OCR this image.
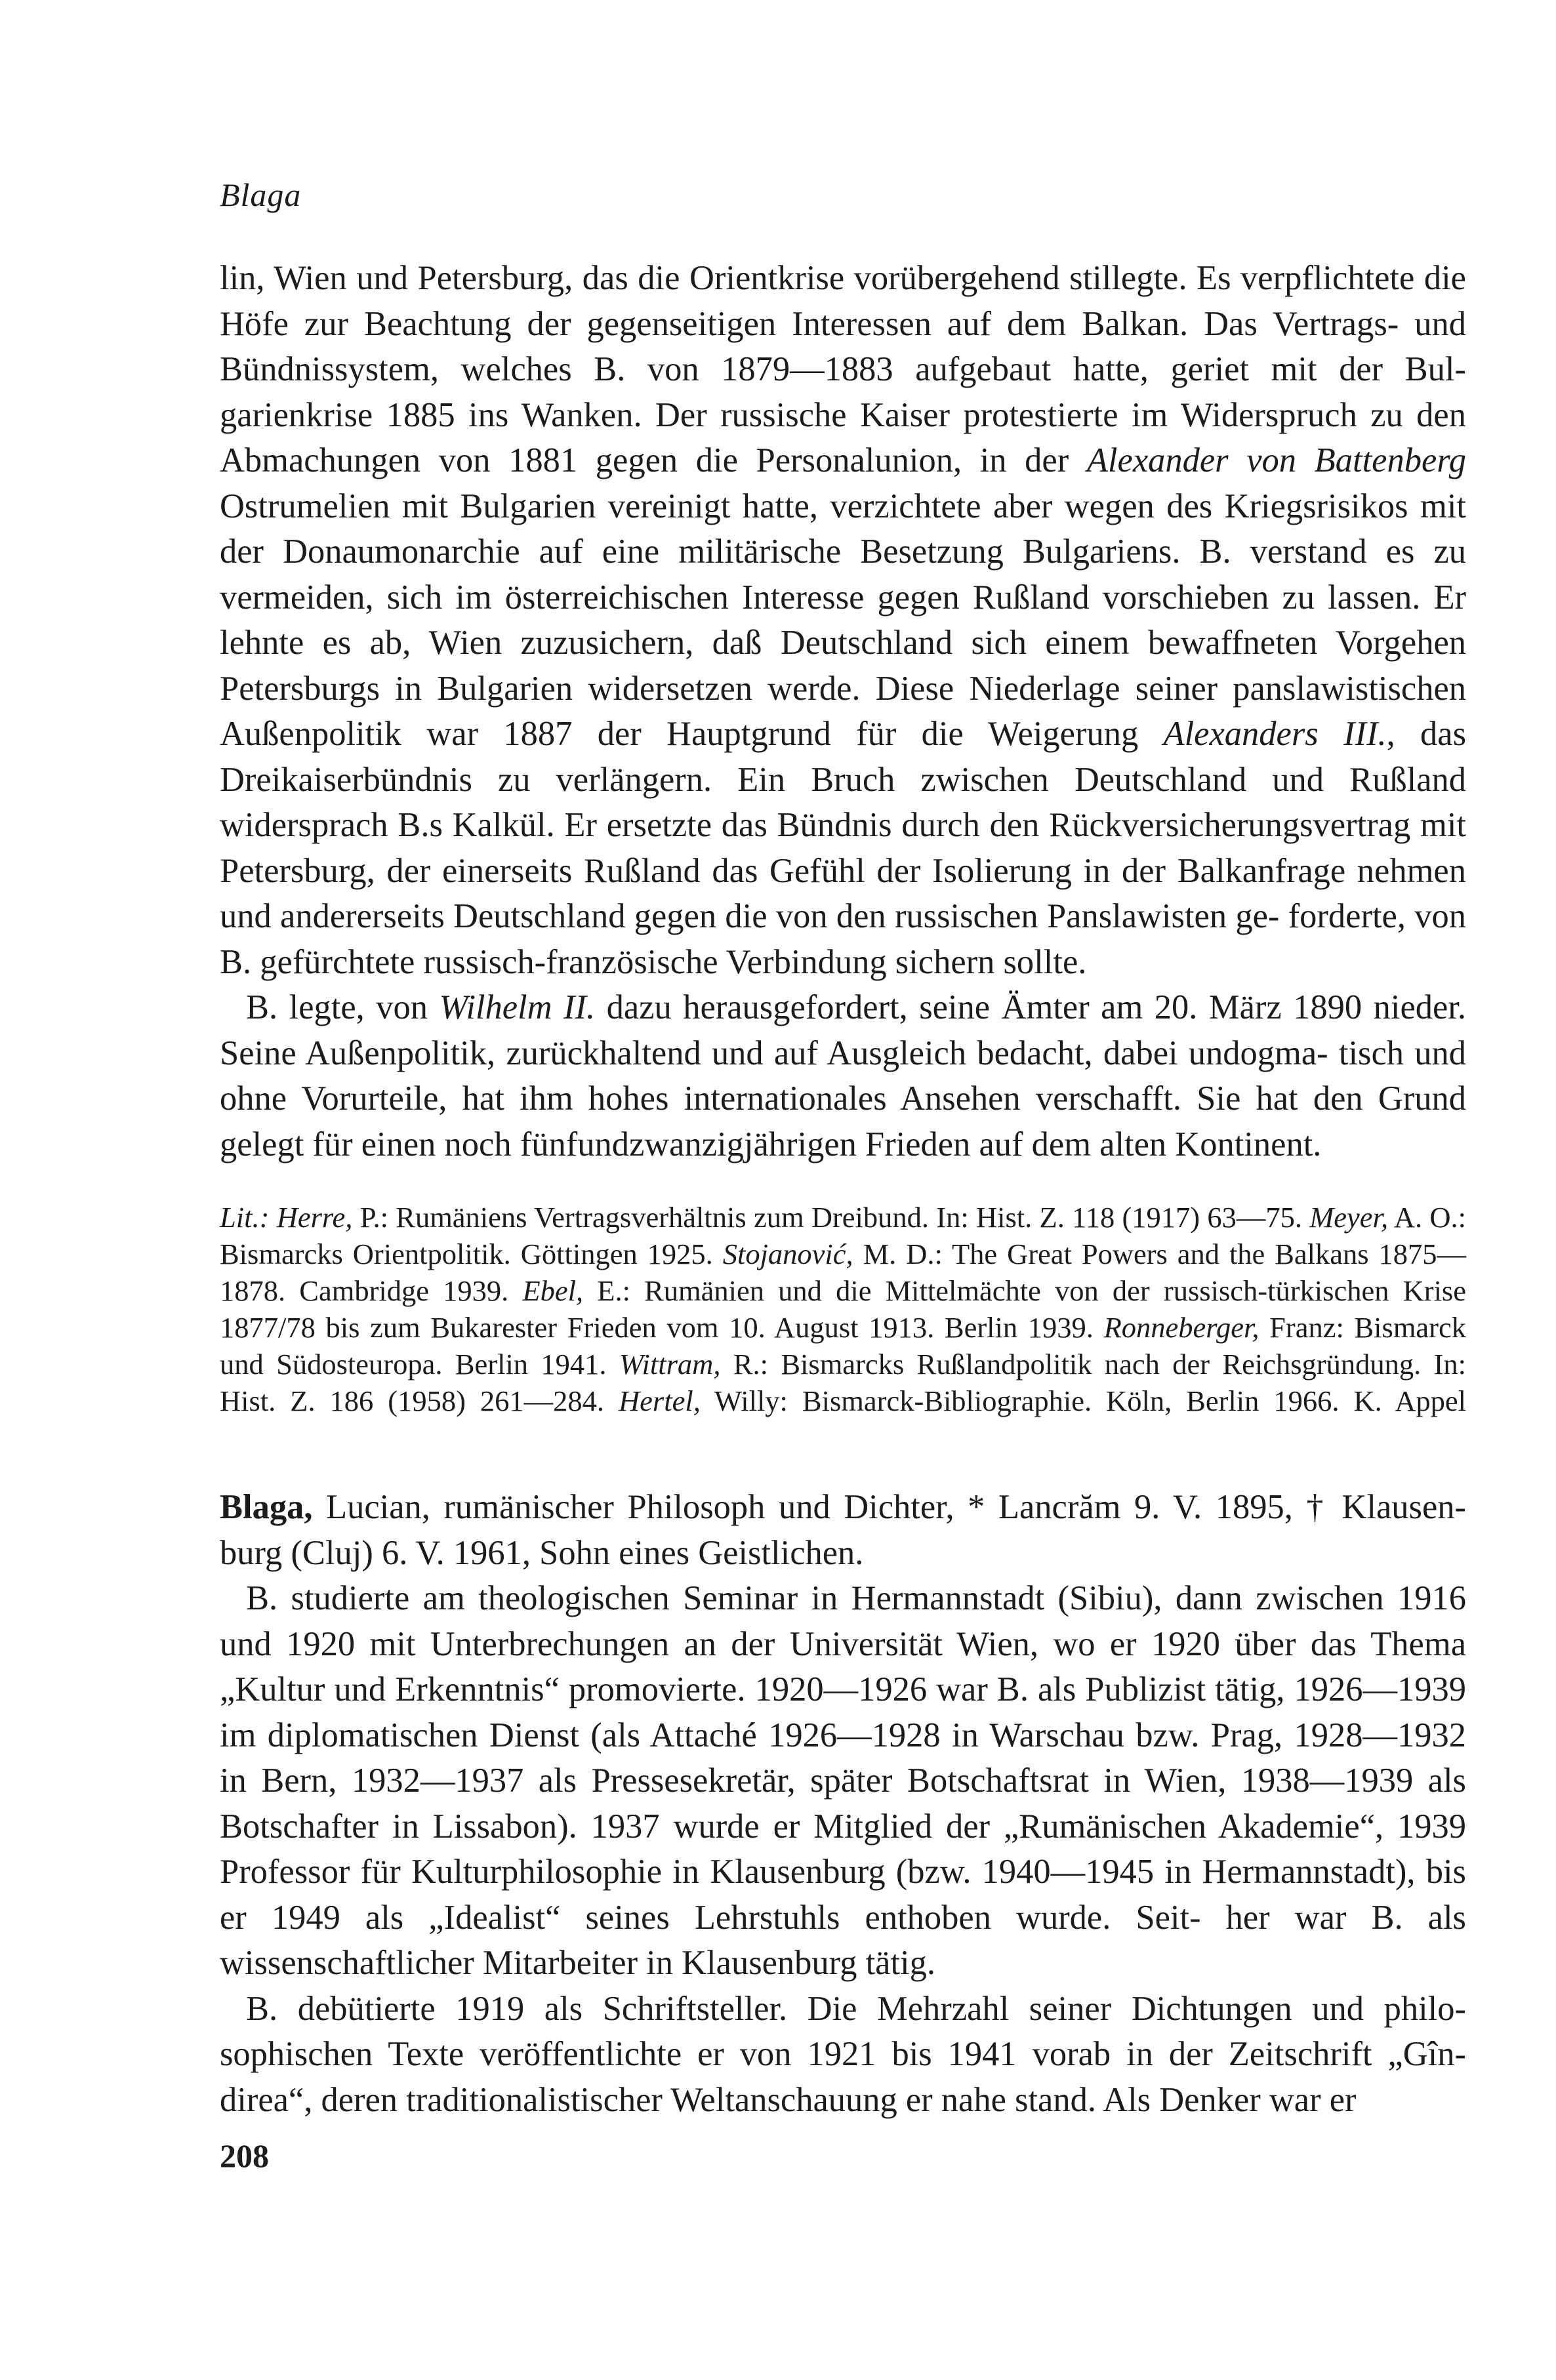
Blaga

lin, Wien und Petersburg, das die Orientkrise vorübergehend stillegte. Es verpflichtete die Höfe zur Beachtung der gegenseitigen Interessen auf dem Balkan. Das Vertrags- und Bündnissystem, welches B. von 1879—1883 aufgebaut hatte, geriet mit der Bul- garienkrise 1885 ins Wanken. Der russische Kaiser protestierte im Widerspruch zu den Abmachungen von 1881 gegen die Personalunion, in der Alexander von Battenberg Ostrumelien mit Bulgarien vereinigt hatte, verzichtete aber wegen des Kriegsrisikos mit der Donaumonarchie auf eine militärische Besetzung Bulgariens. B. verstand es zu vermeiden, sich im österreichischen Interesse gegen Rußland vorschieben zu lassen. Er lehnte es ab, Wien zuzusichern, daß Deutschland sich einem bewaffneten Vorgehen Petersburgs in Bulgarien widersetzen werde. Diese Niederlage seiner panslawistischen Außenpolitik war 1887 der Hauptgrund für die Weigerung Alexanders III., das Dreikaiserbündnis zu verlängern. Ein Bruch zwischen Deutschland und Rußland widersprach B.s Kalkül. Er ersetzte das Bündnis durch den Rückversicherungsvertrag mit Petersburg, der einerseits Rußland das Gefühl der Isolierung in der Balkanfrage nehmen und andererseits Deutschland gegen die von den russischen Panslawisten ge- forderte, von B. gefürchtete russisch-französische Verbindung sichern sollte.

B. legte, von Wilhelm II. dazu herausgefordert, seine Ämter am 20. März 1890 nieder. Seine Außenpolitik, zurückhaltend und auf Ausgleich bedacht, dabei undogma- tisch und ohne Vorurteile, hat ihm hohes internationales Ansehen verschafft. Sie hat den Grund gelegt für einen noch fünfundzwanzigjährigen Frieden auf dem alten Kontinent.

Lit.: Herre, P.: Rumäniens Vertragsverhältnis zum Dreibund. In: Hist. Z. 118 (1917) 63—75. Meyer, A. O.: Bismarcks Orientpolitik. Göttingen 1925. Stojanović, M. D.: The Great Powers and the Balkans 1875—1878. Cambridge 1939. Ebel, E.: Rumänien und die Mittelmächte von der russisch-türkischen Krise 1877/78 bis zum Bukarester Frieden vom 10. August 1913. Berlin 1939. Ronneberger, Franz: Bismarck und Südosteuropa. Berlin 1941. Wittram, R.: Bismarcks Rußlandpolitik nach der Reichsgründung. In: Hist. Z. 186 (1958) 261—284. Hertel, Willy: Bismarck-Bibliographie. Köln, Berlin 1966. K. Appel

Blaga, Lucian, rumänischer Philosoph und Dichter, * Lancrăm 9. V. 1895, † Klausen- burg (Cluj) 6. V. 1961, Sohn eines Geistlichen.

B. studierte am theologischen Seminar in Hermannstadt (Sibiu), dann zwischen 1916 und 1920 mit Unterbrechungen an der Universität Wien, wo er 1920 über das Thema „Kultur und Erkenntnis“ promovierte. 1920—1926 war B. als Publizist tätig, 1926—1939 im diplomatischen Dienst (als Attaché 1926—1928 in Warschau bzw. Prag, 1928—1932 in Bern, 1932—1937 als Pressesekretär, später Botschaftsrat in Wien, 1938—1939 als Botschafter in Lissabon). 1937 wurde er Mitglied der „Rumänischen Akademie“, 1939 Professor für Kulturphilosophie in Klausenburg (bzw. 1940—1945 in Hermannstadt), bis er 1949 als „Idealist“ seines Lehrstuhls enthoben wurde. Seit- her war B. als wissenschaftlicher Mitarbeiter in Klausenburg tätig.

B. debütierte 1919 als Schriftsteller. Die Mehrzahl seiner Dichtungen und philo- sophischen Texte veröffentlichte er von 1921 bis 1941 vorab in der Zeitschrift „Gîn- direa“, deren traditionalistischer Weltanschauung er nahe stand. Als Denker war er

208
